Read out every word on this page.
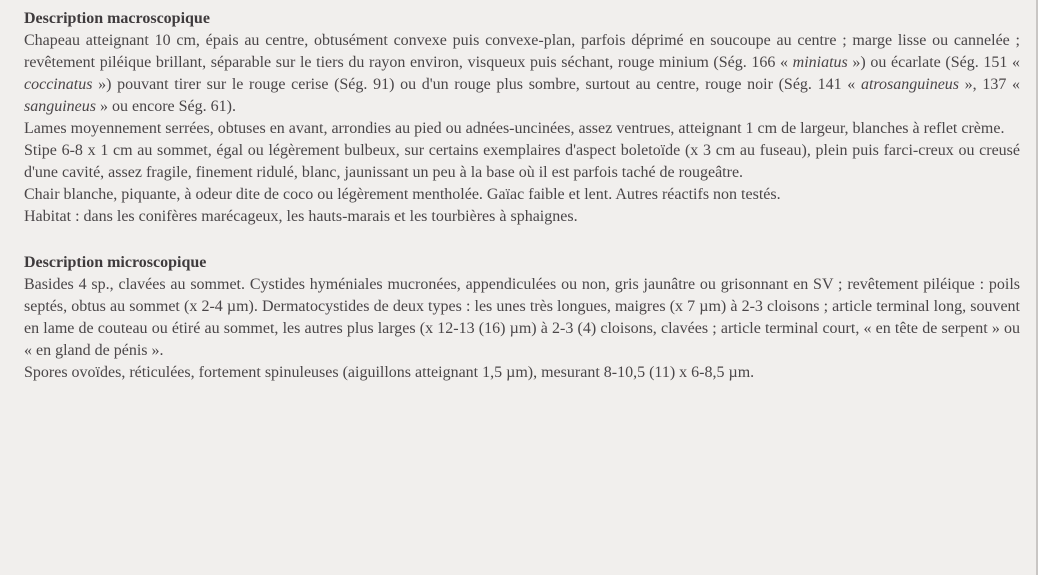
Description macroscopique

Chapeau atteignant 10 cm, épais au centre, obtusément convexe puis convexe-plan, parfois déprimé en soucoupe au centre ; marge lisse ou cannelée ; revêtement piléique brillant, séparable sur le tiers du rayon environ, visqueux puis séchant, rouge minium (Ség. 166 « miniatus ») ou écarlate (Ség. 151 « coccinatus ») pouvant tirer sur le rouge cerise (Ség. 91) ou d'un rouge plus sombre, surtout au centre, rouge noir (Ség. 141 « atrosanguineus », 137 « sanguineus » ou encore Ség. 61).

Lames moyennement serrées, obtuses en avant, arrondies au pied ou adnées-uncinées, assez ventrues, atteignant 1 cm de largeur, blanches à reflet crème.

Stipe 6-8 x 1 cm au sommet, égal ou légèrement bulbeux, sur certains exemplaires d'aspect boletoïde (x 3 cm au fuseau), plein puis farci-creux ou creusé d'une cavité, assez fragile, finement ridulé, blanc, jaunissant un peu à la base où il est parfois taché de rougeâtre.

Chair blanche, piquante, à odeur dite de coco ou légèrement mentholée. Gaïac faible et lent. Autres réactifs non testés.

Habitat : dans les conifères marécageux, les hauts-marais et les tourbières à sphaignes.

Description microscopique

Basides 4 sp., clavées au sommet. Cystides hyméniales mucronées, appendiculées ou non, gris jaunâtre ou grisonnant en SV ; revêtement piléique : poils septés, obtus au sommet (x 2-4 µm). Dermatocystides de deux types : les unes très longues, maigres (x 7 µm) à 2-3 cloisons ; article terminal long, souvent en lame de couteau ou étiré au sommet, les autres plus larges (x 12-13 (16) µm) à 2-3 (4) cloisons, clavées ; article terminal court, « en tête de serpent » ou « en gland de pénis ».

Spores ovoïdes, réticulées, fortement spinuleuses (aiguillons atteignant 1,5 µm), mesurant 8-10,5 (11) x 6-8,5 µm.
